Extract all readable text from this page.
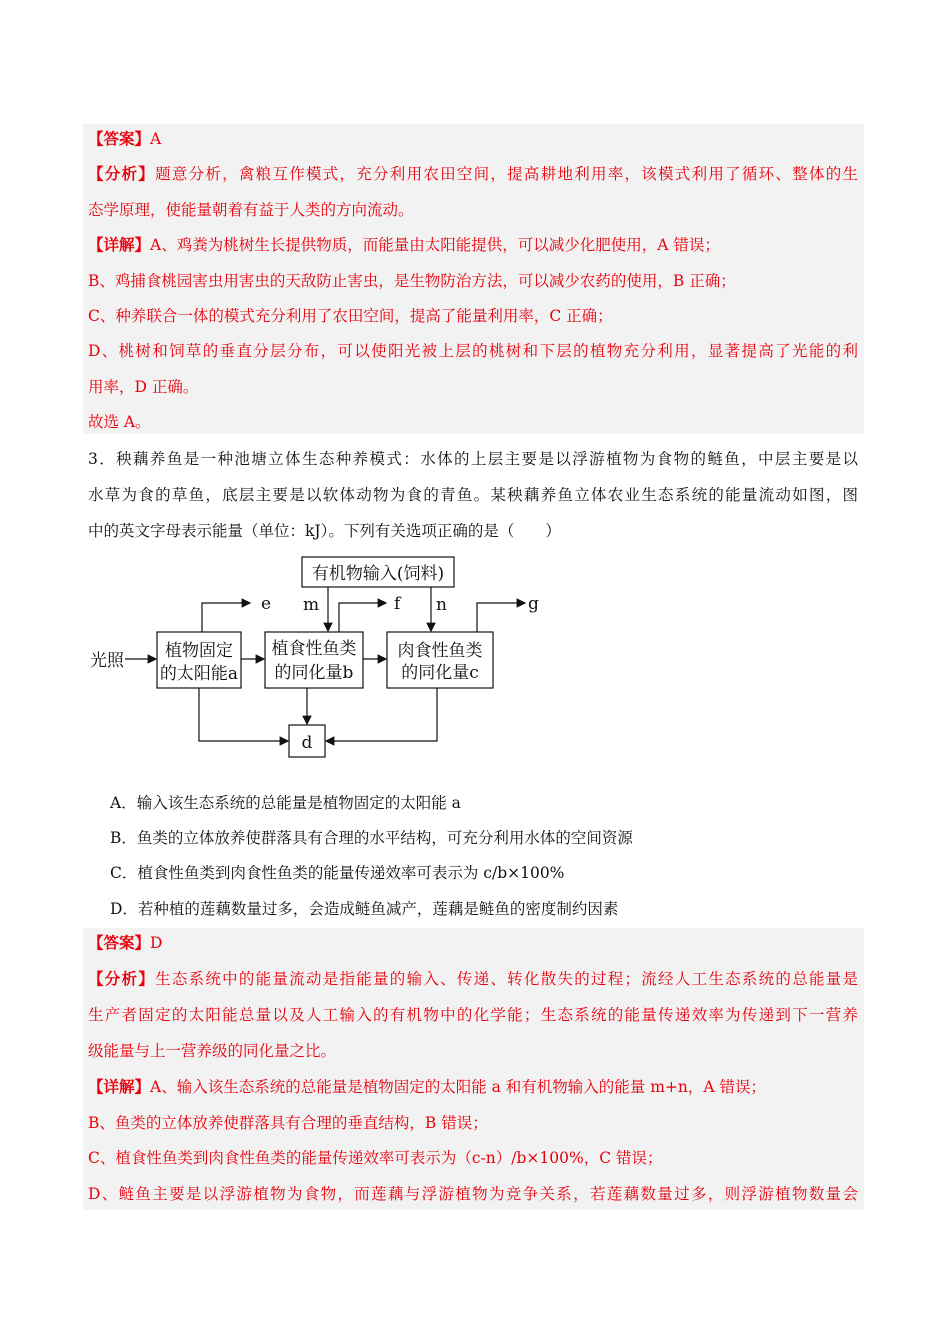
【答案】A
【分析】题意分析，禽粮互作模式，充分利用农田空间，提高耕地利用率，该模式利用了循环、整体的生
态学原理，使能量朝着有益于人类的方向流动。
【详解】A、鸡粪为桃树生长提供物质，而能量由太阳能提供，可以减少化肥使用，A 错误；
B、鸡捕食桃园害虫用害虫的天敌防止害虫，是生物防治方法，可以减少农药的使用，B 正确；
C、种养联合一体的模式充分利用了农田空间，提高了能量利用率，C 正确；
D、桃树和饲草的垂直分层分布，可以使阳光被上层的桃树和下层的植物充分利用，显著提高了光能的利
用率，D 正确。
故选 A。
3．秧藕养鱼是一种池塘立体生态种养模式：水体的上层主要是以浮游植物为食物的鲢鱼，中层主要是以
水草为食的草鱼，底层主要是以软体动物为食的青鱼。某秧藕养鱼立体农业生态系统的能量流动如图，图
中的英文字母表示能量（单位：kJ）。下列有关选项正确的是（　　）
有机物输入(饲料)
植物固定
的太阳能a
植食性鱼类
的同化量b
肉食性鱼类
的同化量c
d
光照
e m	f n	g
A．输入该生态系统的总能量是植物固定的太阳能 a
B．鱼类的立体放养使群落具有合理的水平结构，可充分利用水体的空间资源
C．植食性鱼类到肉食性鱼类的能量传递效率可表示为 c/b×100%
D．若种植的莲藕数量过多，会造成鲢鱼减产，莲藕是鲢鱼的密度制约因素
【答案】D
【分析】生态系统中的能量流动是指能量的输入、传递、转化散失的过程；流经人工生态系统的总能量是
生产者固定的太阳能总量以及人工输入的有机物中的化学能；生态系统的能量传递效率为传递到下一营养
级能量与上一营养级的同化量之比。
【详解】A、输入该生态系统的总能量是植物固定的太阳能 a 和有机物输入的能量 m+n，A 错误；
B、鱼类的立体放养使群落具有合理的垂直结构，B 错误；
C、植食性鱼类到肉食性鱼类的能量传递效率可表示为（c-n）/b×100%，C 错误；
D、鲢鱼主要是以浮游植物为食物，而莲藕与浮游植物为竞争关系，若莲藕数量过多，则浮游植物数量会
